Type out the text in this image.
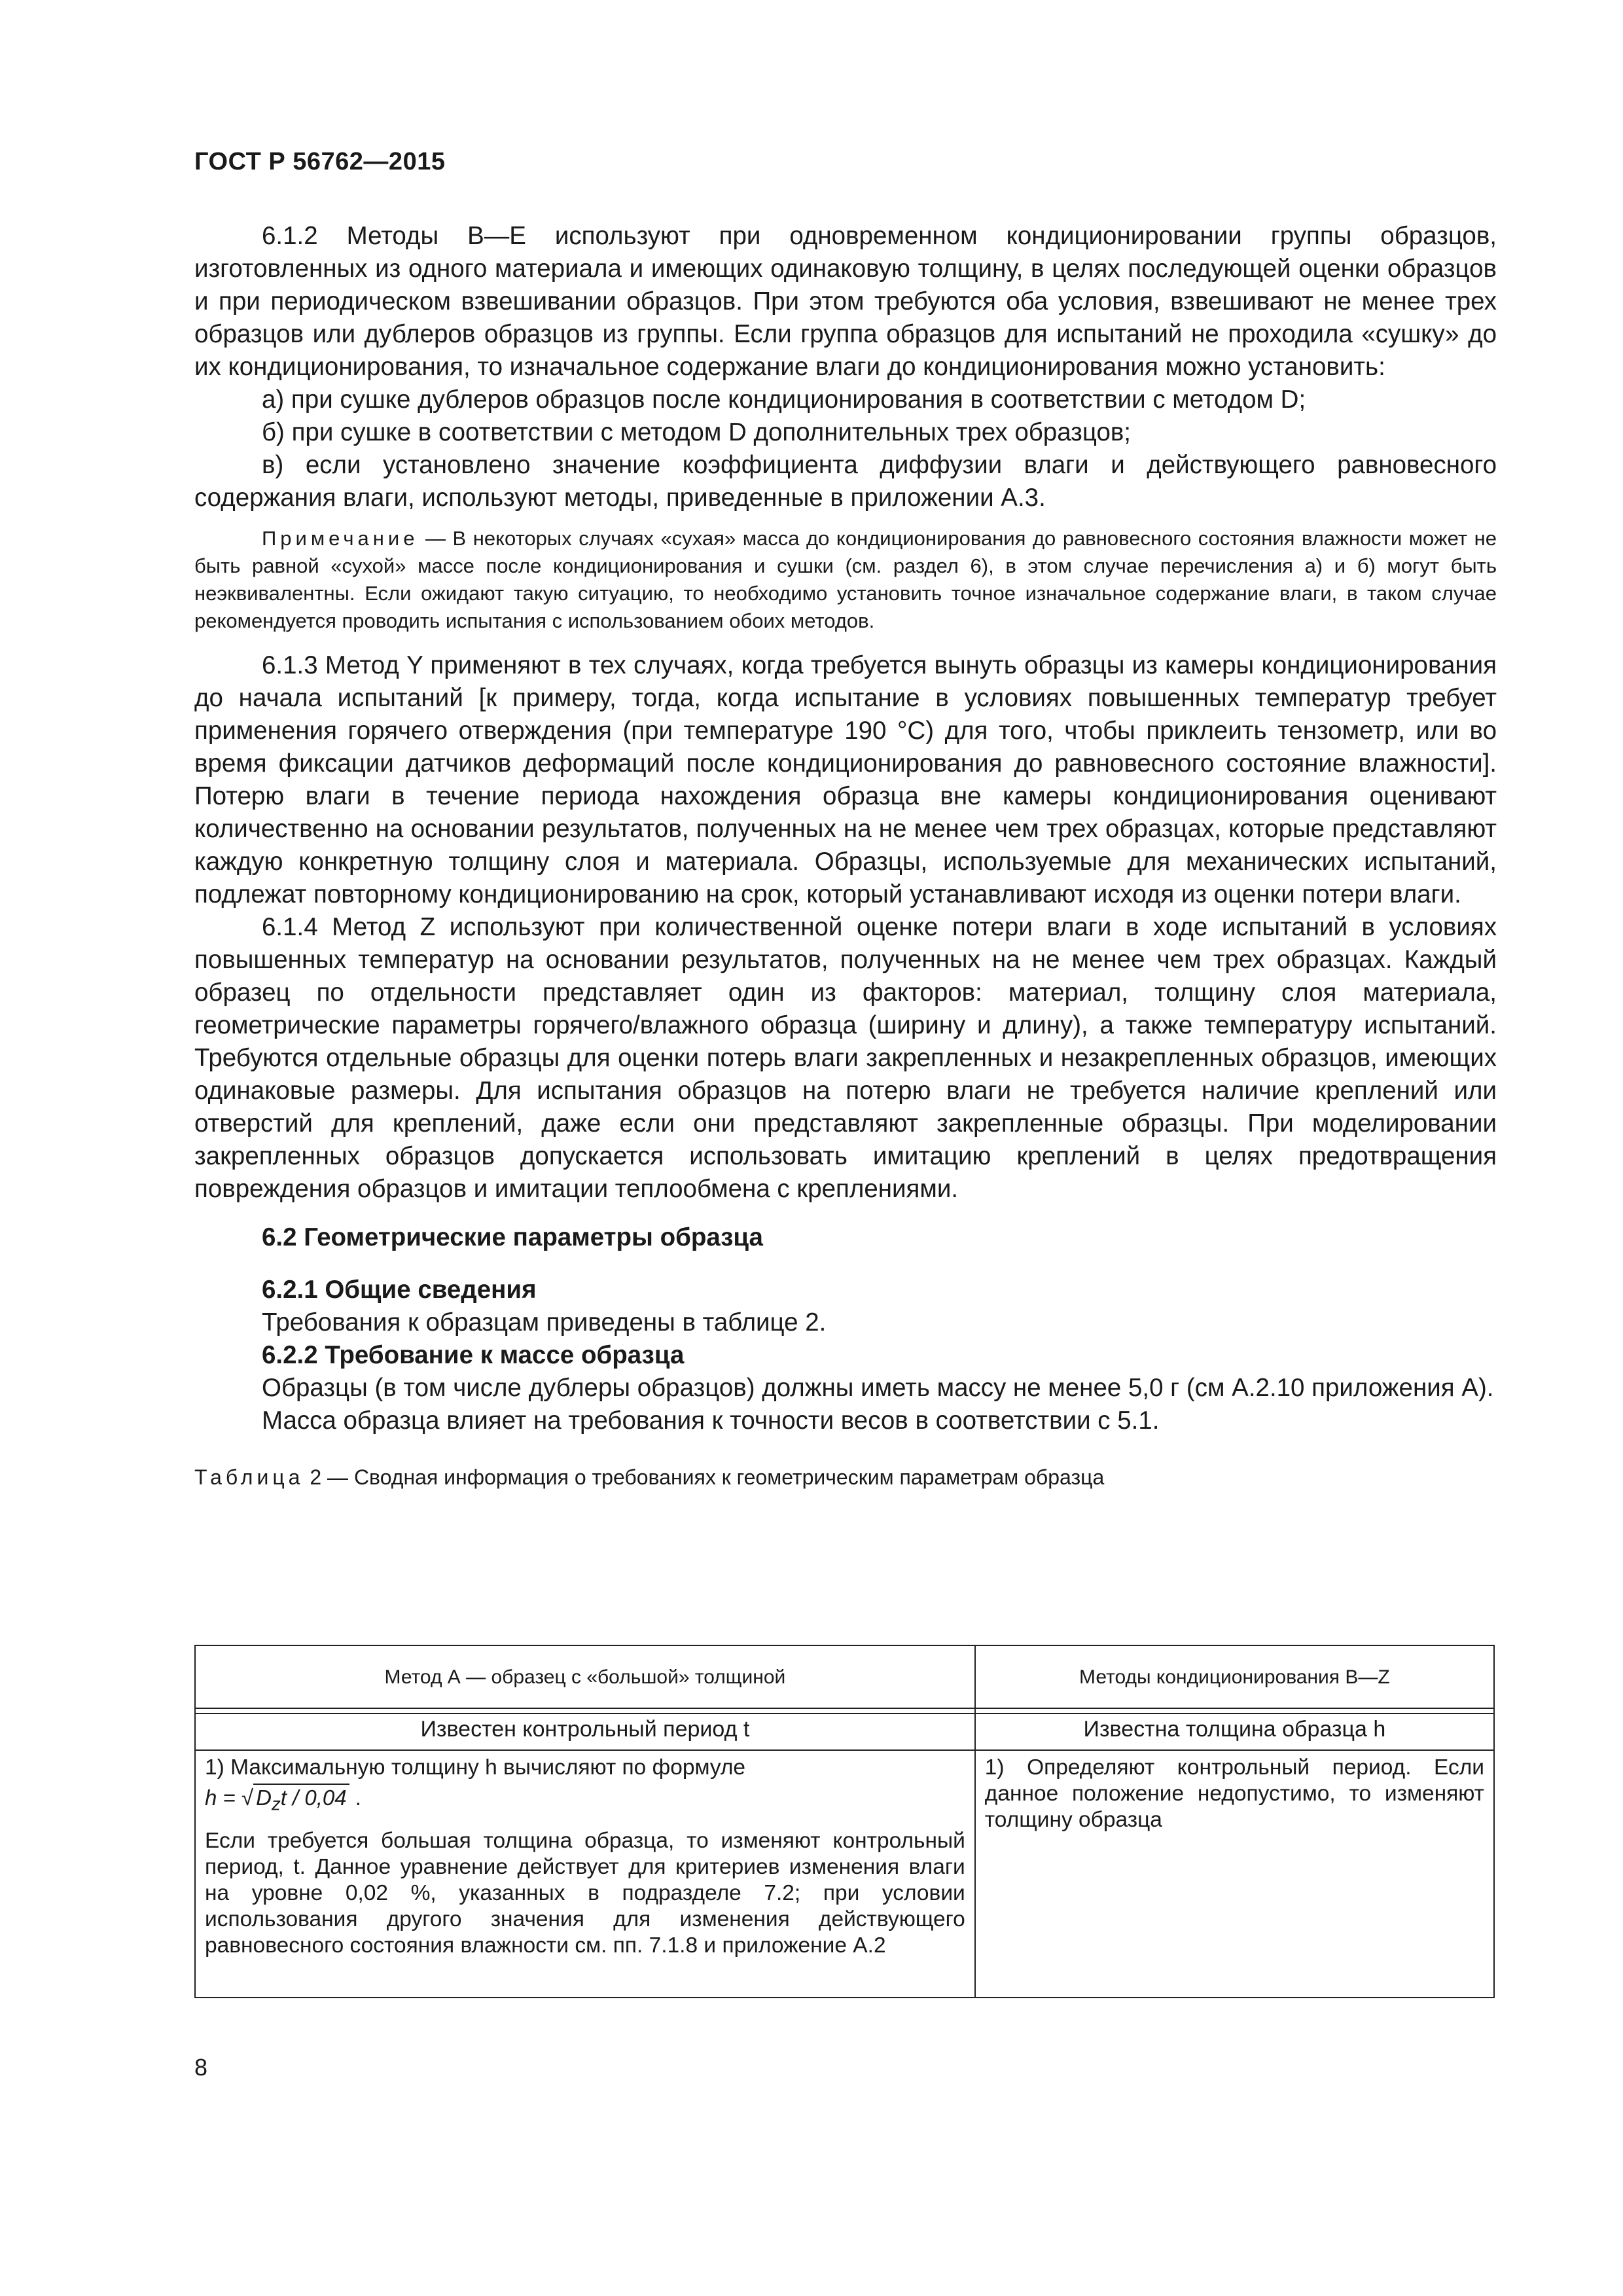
ГОСТ Р 56762—2015

6.1.2 Методы B—E используют при одновременном кондиционировании группы образцов, изготовленных из одного материала и имеющих одинаковую толщину, в целях последующей оценки образцов и при периодическом взвешивании образцов. При этом требуются оба условия, взвешивают не менее трех образцов или дублеров образцов из группы. Если группа образцов для испытаний не проходила «сушку» до их кондиционирования, то изначальное содержание влаги до кондиционирования можно установить:

а) при сушке дублеров образцов после кондиционирования в соответствии с методом D;

б) при сушке в соответствии с методом D дополнительных трех образцов;

в) если установлено значение коэффициента диффузии влаги и действующего равновесного содержания влаги, используют методы, приведенные в приложении А.3.

Примечание — В некоторых случаях «сухая» масса до кондиционирования до равновесного состояния влажности может не быть равной «сухой» массе после кондиционирования и сушки (см. раздел 6), в этом случае перечисления а) и б) могут быть неэквивалентны. Если ожидают такую ситуацию, то необходимо установить точное изначальное содержание влаги, в таком случае рекомендуется проводить испытания с использованием обоих методов.

6.1.3 Метод Y применяют в тех случаях, когда требуется вынуть образцы из камеры кондиционирования до начала испытаний [к примеру, тогда, когда испытание в условиях повышенных температур требует применения горячего отверждения (при температуре 190 °С) для того, чтобы приклеить тензометр, или во время фиксации датчиков деформаций после кондиционирования до равновесного состояние влажности]. Потерю влаги в течение периода нахождения образца вне камеры кондиционирования оценивают количественно на основании результатов, полученных на не менее чем трех образцах, которые представляют каждую конкретную толщину слоя и материала. Образцы, используемые для механических испытаний, подлежат повторному кондиционированию на срок, который устанавливают исходя из оценки потери влаги.

6.1.4 Метод Z используют при количественной оценке потери влаги в ходе испытаний в условиях повышенных температур на основании результатов, полученных на не менее чем трех образцах. Каждый образец по отдельности представляет один из факторов: материал, толщину слоя материала, геометрические параметры горячего/влажного образца (ширину и длину), а также температуру испытаний. Требуются отдельные образцы для оценки потерь влаги закрепленных и незакрепленных образцов, имеющих одинаковые размеры. Для испытания образцов на потерю влаги не требуется наличие креплений или отверстий для креплений, даже если они представляют закрепленные образцы. При моделировании закрепленных образцов допускается использовать имитацию креплений в целях предотвращения повреждения образцов и имитации теплообмена с креплениями.

6.2 Геометрические параметры образца

6.2.1 Общие сведения

Требования к образцам приведены в таблице 2.

6.2.2 Требование к массе образца

Образцы (в том числе дублеры образцов) должны иметь массу не менее 5,0 г (см А.2.10 приложения А).

Масса образца влияет на требования к точности весов в соответствии с 5.1.

Таблица 2 — Сводная информация о требованиях к геометрическим параметрам образца

Метод А — образец с «большой» толщиной	Методы кондиционирования B—Z

Известен контрольный период t	Известна толщина образца h

1) Максимальную толщину h вычисляют по формуле

h = √ $D_zt / 0,04$ .

Если требуется большая толщина образца, то изменяют контрольный период, t. Данное уравнение действует для критериев изменения влаги на уровне 0,02 %, указанных в подразделе 7.2; при условии использования другого значения для изменения действующего равновесного состояния влажности см. пп. 7.1.8 и приложение А.2	1) Определяют контрольный период. Если данное положение недопустимо, то изменяют толщину образца

8
